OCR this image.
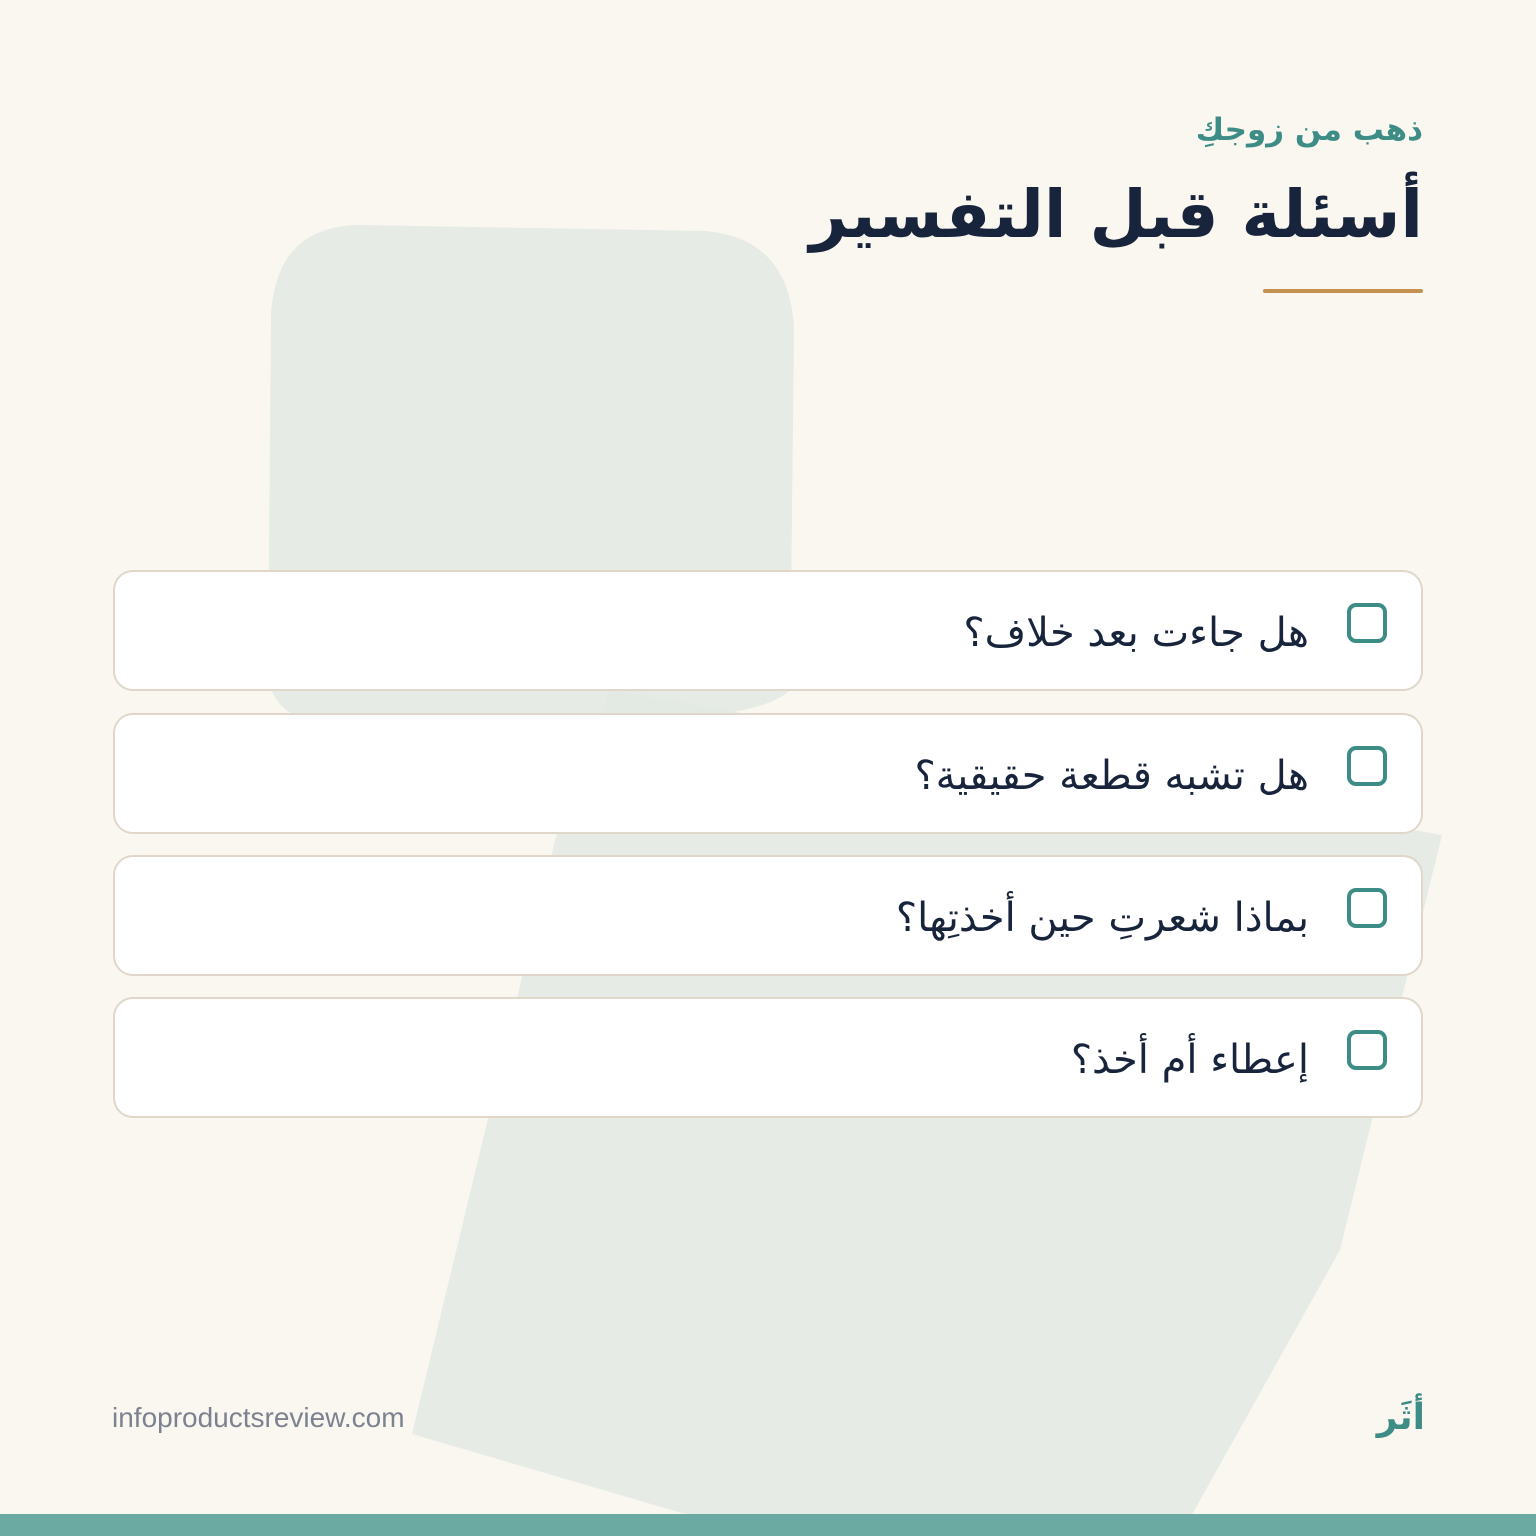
ذهب من زوجكِ

أسئلة قبل التفسير
هل جاءت بعد خلاف؟
هل تشبه قطعة حقيقية؟
بماذا شعرتِ حين أخذتِها؟
إعطاء أم أخذ؟
infoproductsreview.com	أثَر
